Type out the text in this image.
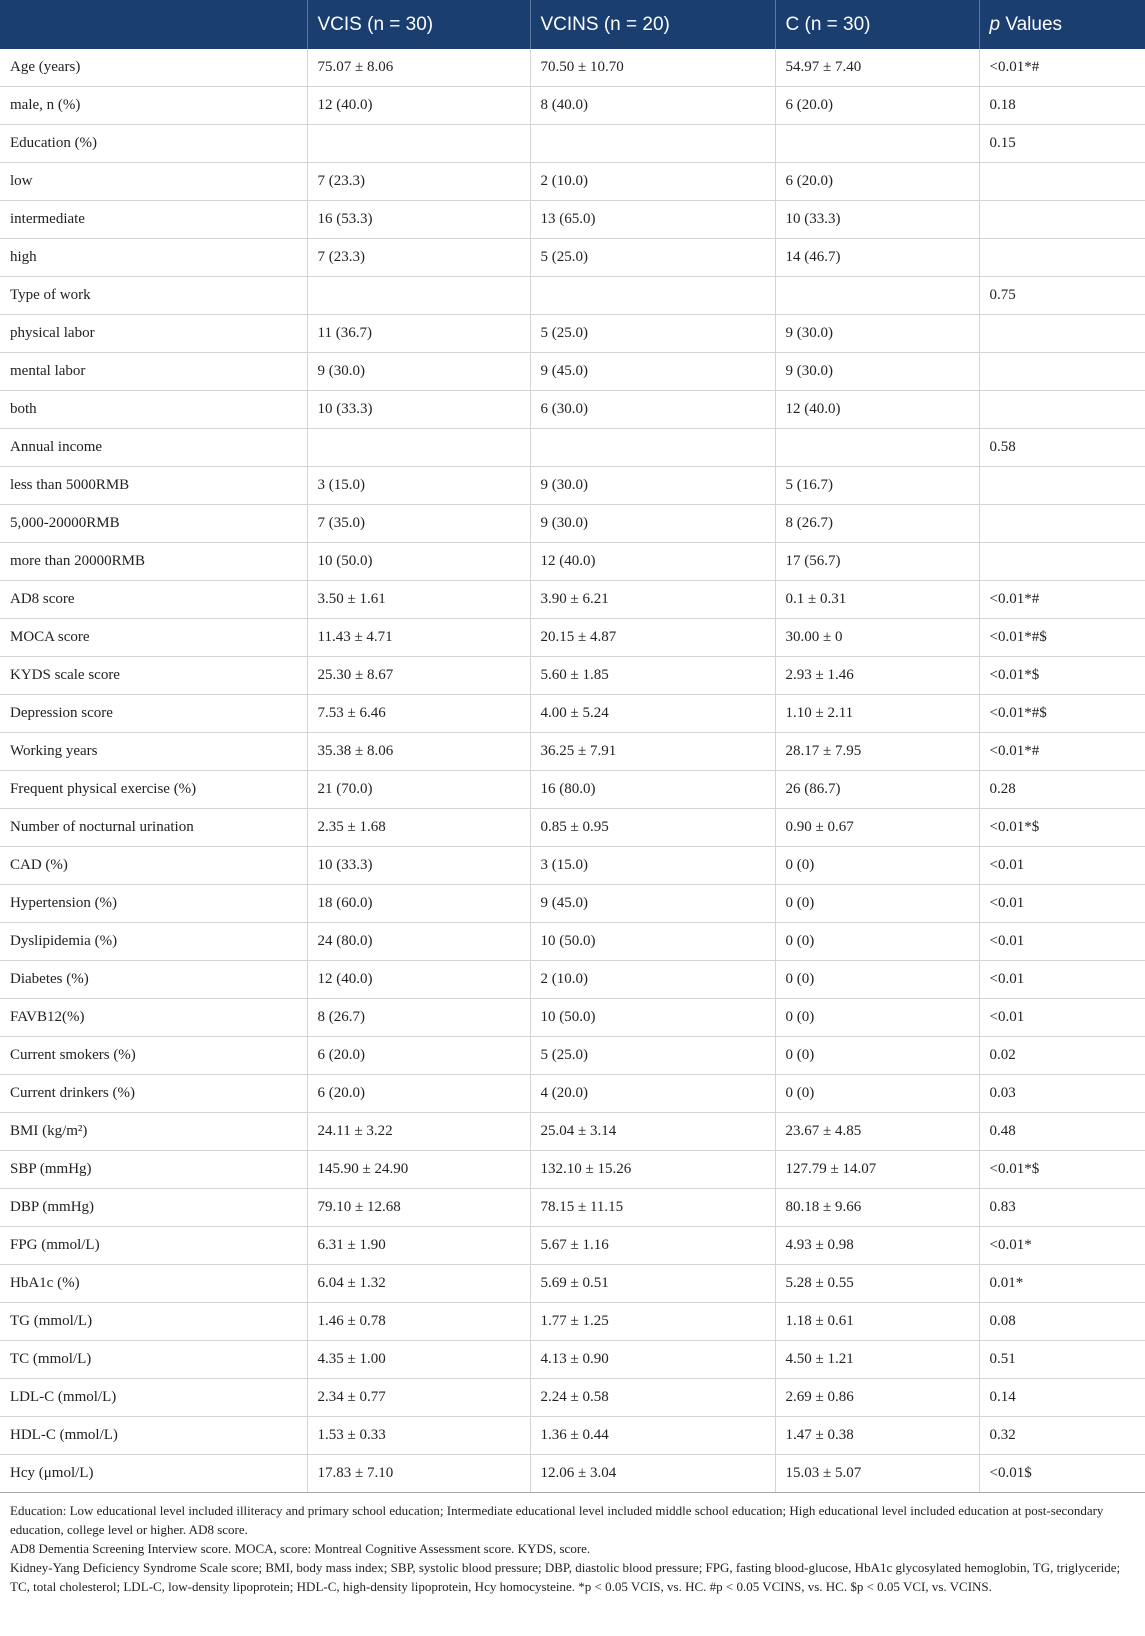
	VCIS (n = 30)	VCINS (n = 20)	C (n = 30)	p Values
Age (years)	75.07 ± 8.06	70.50 ± 10.70	54.97 ± 7.40	<0.01*#
male, n (%)	12 (40.0)	8 (40.0)	6 (20.0)	0.18
Education (%)				0.15
low	7 (23.3)	2 (10.0)	6 (20.0)	
intermediate	16 (53.3)	13 (65.0)	10 (33.3)	
high	7 (23.3)	5 (25.0)	14 (46.7)	
Type of work				0.75
physical labor	11 (36.7)	5 (25.0)	9 (30.0)	
mental labor	9 (30.0)	9 (45.0)	9 (30.0)	
both	10 (33.3)	6 (30.0)	12 (40.0)	
Annual income				0.58
less than 5000RMB	3 (15.0)	9 (30.0)	5 (16.7)	
5,000-20000RMB	7 (35.0)	9 (30.0)	8 (26.7)	
more than 20000RMB	10 (50.0)	12 (40.0)	17 (56.7)	
AD8 score	3.50 ± 1.61	3.90 ± 6.21	0.1 ± 0.31	<0.01*#
MOCA score	11.43 ± 4.71	20.15 ± 4.87	30.00 ± 0	<0.01*#$
KYDS scale score	25.30 ± 8.67	5.60 ± 1.85	2.93 ± 1.46	<0.01*$
Depression score	7.53 ± 6.46	4.00 ± 5.24	1.10 ± 2.11	<0.01*#$
Working years	35.38 ± 8.06	36.25 ± 7.91	28.17 ± 7.95	<0.01*#
Frequent physical exercise (%)	21 (70.0)	16 (80.0)	26 (86.7)	0.28
Number of nocturnal urination	2.35 ± 1.68	0.85 ± 0.95	0.90 ± 0.67	<0.01*$
CAD (%)	10 (33.3)	3 (15.0)	0 (0)	<0.01
Hypertension (%)	18 (60.0)	9 (45.0)	0 (0)	<0.01
Dyslipidemia (%)	24 (80.0)	10 (50.0)	0 (0)	<0.01
Diabetes (%)	12 (40.0)	2 (10.0)	0 (0)	<0.01
FAVB12(%)	8 (26.7)	10 (50.0)	0 (0)	<0.01
Current smokers (%)	6 (20.0)	5 (25.0)	0 (0)	0.02
Current drinkers (%)	6 (20.0)	4 (20.0)	0 (0)	0.03
BMI (kg/m²)	24.11 ± 3.22	25.04 ± 3.14	23.67 ± 4.85	0.48
SBP (mmHg)	145.90 ± 24.90	132.10 ± 15.26	127.79 ± 14.07	<0.01*$
DBP (mmHg)	79.10 ± 12.68	78.15 ± 11.15	80.18 ± 9.66	0.83
FPG (mmol/L)	6.31 ± 1.90	5.67 ± 1.16	4.93 ± 0.98	<0.01*
HbA1c (%)	6.04 ± 1.32	5.69 ± 0.51	5.28 ± 0.55	0.01*
TG (mmol/L)	1.46 ± 0.78	1.77 ± 1.25	1.18 ± 0.61	0.08
TC (mmol/L)	4.35 ± 1.00	4.13 ± 0.90	4.50 ± 1.21	0.51
LDL-C (mmol/L)	2.34 ± 0.77	2.24 ± 0.58	2.69 ± 0.86	0.14
HDL-C (mmol/L)	1.53 ± 0.33	1.36 ± 0.44	1.47 ± 0.38	0.32
Hcy (μmol/L)	17.83 ± 7.10	12.06 ± 3.04	15.03 ± 5.07	<0.01$

Education: Low educational level included illiteracy and primary school education; Intermediate educational level included middle school education; High educational level included education at post-secondary education, college level or higher. AD8 score.

AD8 Dementia Screening Interview score. MOCA, score: Montreal Cognitive Assessment score. KYDS, score.

Kidney-Yang Deficiency Syndrome Scale score; BMI, body mass index; SBP, systolic blood pressure; DBP, diastolic blood pressure; FPG, fasting blood-glucose, HbA1c glycosylated hemoglobin, TG, triglyceride; TC, total cholesterol; LDL-C, low-density lipoprotein; HDL-C, high-density lipoprotein, Hcy homocysteine. *p < 0.05 VCIS, vs. HC. #p < 0.05 VCINS, vs. HC. $p < 0.05 VCI, vs. VCINS.
